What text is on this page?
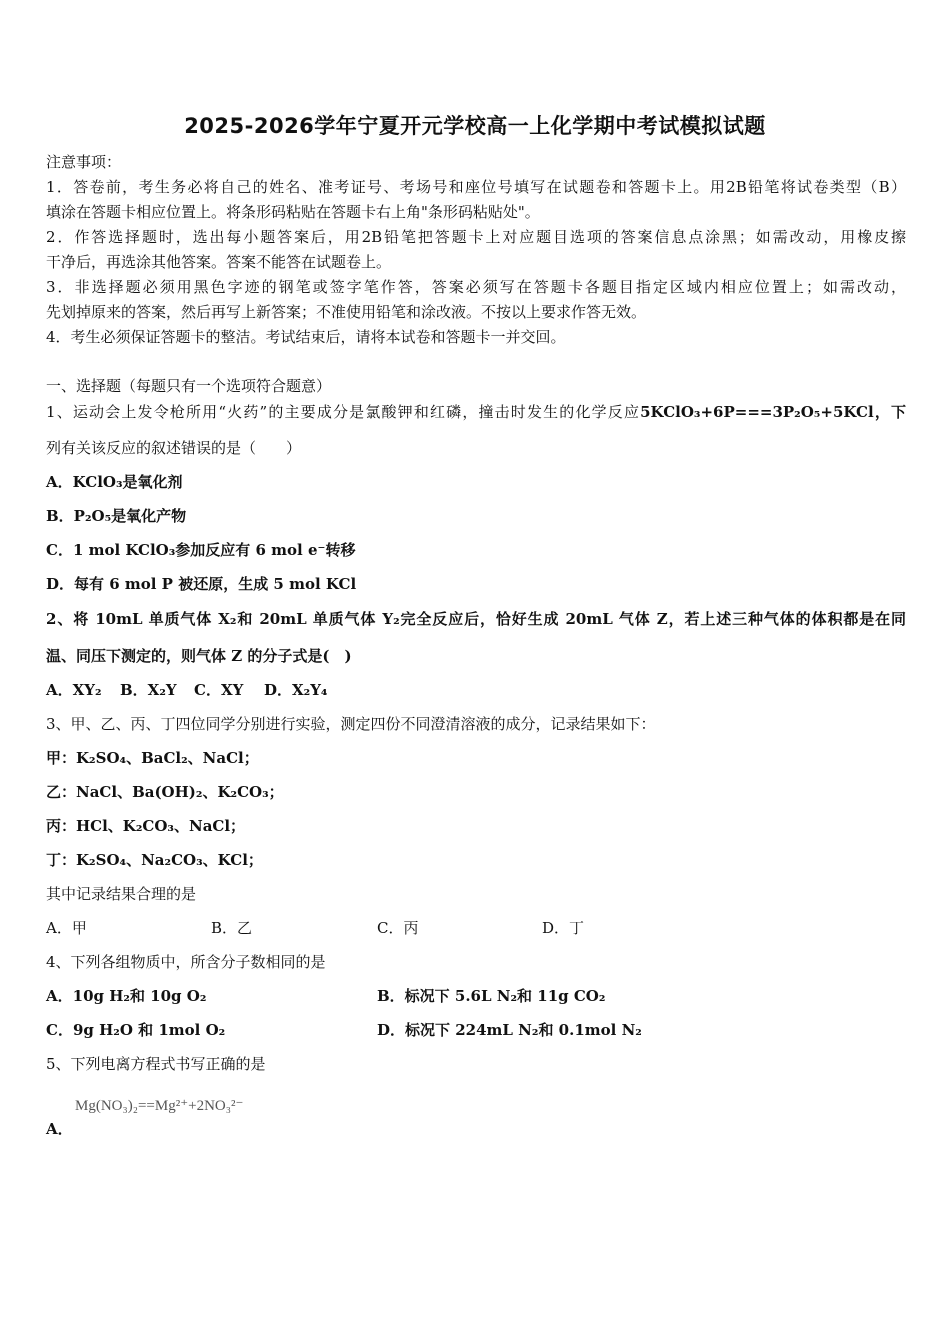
2025-2026学年宁夏开元学校高一上化学期中考试模拟试题
注意事项：
1．答卷前，考生务必将自己的姓名、准考证号、考场号和座位号填写在试题卷和答题卡上。用2B铅笔将试卷类型（B）
填涂在答题卡相应位置上。将条形码粘贴在答题卡右上角"条形码粘贴处"。
2．作答选择题时，选出每小题答案后，用2B铅笔把答题卡上对应题目选项的答案信息点涂黑；如需改动，用橡皮擦
干净后，再选涂其他答案。答案不能答在试题卷上。
3．非选择题必须用黑色字迹的钢笔或签字笔作答，答案必须写在答题卡各题目指定区域内相应位置上；如需改动，
先划掉原来的答案，然后再写上新答案；不准使用铅笔和涂改液。不按以上要求作答无效。
4．考生必须保证答题卡的整洁。考试结束后，请将本试卷和答题卡一并交回。
一、选择题（每题只有一个选项符合题意）
1、运动会上发令枪所用“火药”的主要成分是氯酸钾和红磷，撞击时发生的化学反应5KClO₃+6P===3P₂O₅+5KCl，下
列有关该反应的叙述错误的是（　　）
A．KClO₃是氧化剂
B．P₂O₅是氧化产物
C．1 mol KClO₃参加反应有 6 mol e⁻转移
D．每有 6 mol P 被还原，生成 5 mol KCl
2、将 10mL 单质气体 X₂和 20mL 单质气体 Y₂完全反应后，恰好生成 20mL 气体 Z，若上述三种气体的体积都是在同
温、同压下测定的，则气体 Z 的分子式是(　)
A．XY₂ B．X₂Y C．XY D．X₂Y₄
3、甲、乙、丙、丁四位同学分别进行实验，测定四份不同澄清溶液的成分，记录结果如下：
甲：K₂SO₄、BaCl₂、NaCl；
乙：NaCl、Ba(OH)₂、K₂CO₃；
丙：HCl、K₂CO₃、NaCl；
丁：K₂SO₄、Na₂CO₃、KCl；
其中记录结果合理的是
A．甲	B．乙	C．丙	D．丁
4、下列各组物质中，所含分子数相同的是
A．10g H₂和 10g O₂	B．标况下 5.6L N₂和 11g CO₂
C．9g H₂O 和 1mol O₂	D．标况下 224mL N₂和 0.1mol N₂
5、下列电离方程式书写正确的是
Mg(NO₃)₂==Mg²⁺+2NO₃²⁻
A．
